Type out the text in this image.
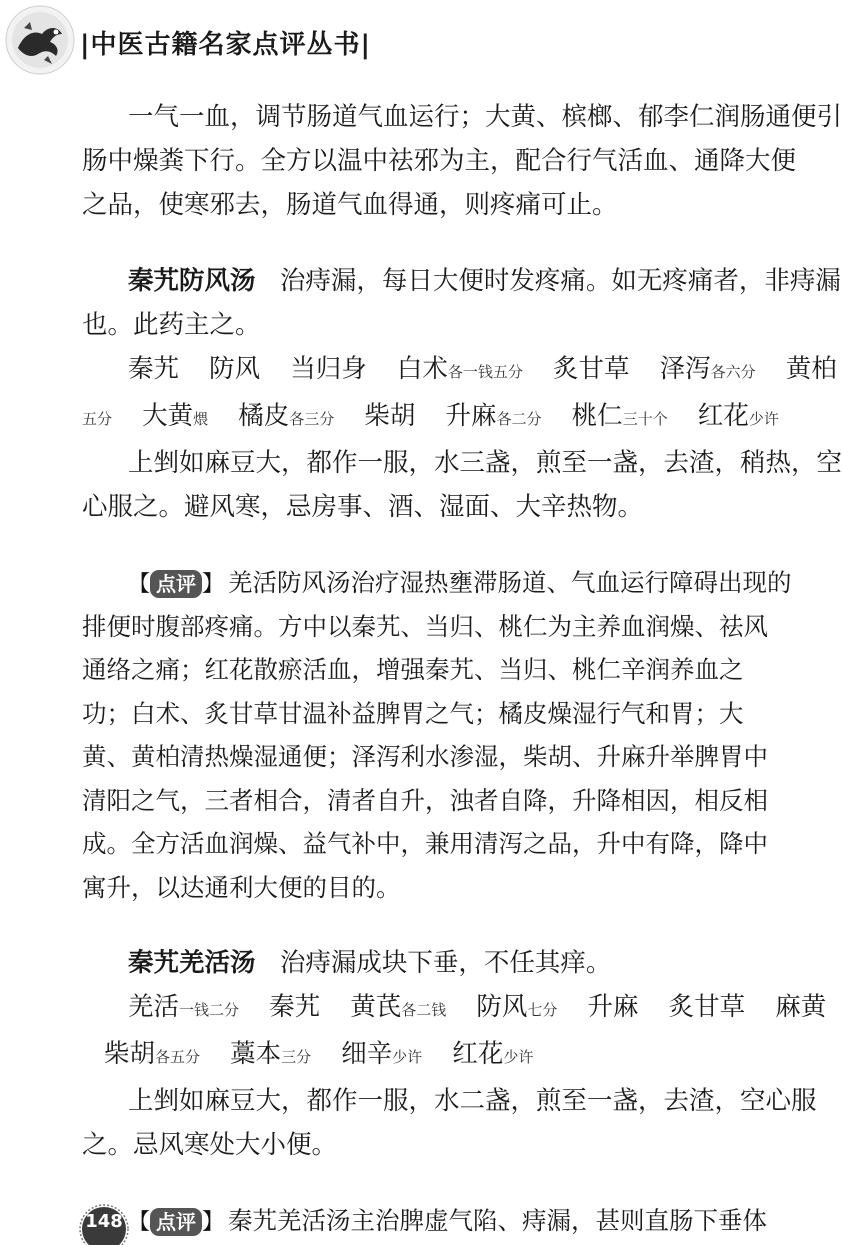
|中医古籍名家点评丛书|

一气一血，调节肠道气血运行；大黄、槟榔、郁李仁润肠通便引

肠中燥粪下行。全方以温中祛邪为主，配合行气活血、通降大便

之品，使寒邪去，肠道气血得通，则疼痛可止。

秦艽防风汤 治痔漏，每日大便时发疼痛。如无疼痛者，非痔漏

也。此药主之。

秦艽 防风 当归身 白术各一钱五分 炙甘草 泽泻各六分 黄柏

五分 大黄煨 橘皮各三分 柴胡 升麻各二分 桃仁三十个 红花少许

上剉如麻豆大，都作一服，水三盏，煎至一盏，去渣，稍热，空

心服之。避风寒，忌房事、酒、湿面、大辛热物。

【 点评 】 羌活防风汤治疗湿热壅滞肠道、气血运行障碍出现的

排便时腹部疼痛。方中以秦艽、当归、桃仁为主养血润燥、祛风

通络之痛；红花散瘀活血，增强秦艽、当归、桃仁辛润养血之

功；白术、炙甘草甘温补益脾胃之气；橘皮燥湿行气和胃；大

黄、黄柏清热燥湿通便；泽泻利水渗湿，柴胡、升麻升举脾胃中

清阳之气，三者相合，清者自升，浊者自降，升降相因，相反相

成。全方活血润燥、益气补中，兼用清泻之品，升中有降，降中

寓升，以达通利大便的目的。

秦艽羌活汤 治痔漏成块下垂，不任其痒。

羌活一钱二分 秦艽 黄芪各二钱 防风七分 升麻 炙甘草 麻黄

柴胡各五分 藁本三分 细辛少许 红花少许

上剉如麻豆大，都作一服，水二盏，煎至一盏，去渣，空心服

之。忌风寒处大小便。

【 点评 】 秦艽羌活汤主治脾虚气陷、痔漏，甚则直肠下垂体

148
